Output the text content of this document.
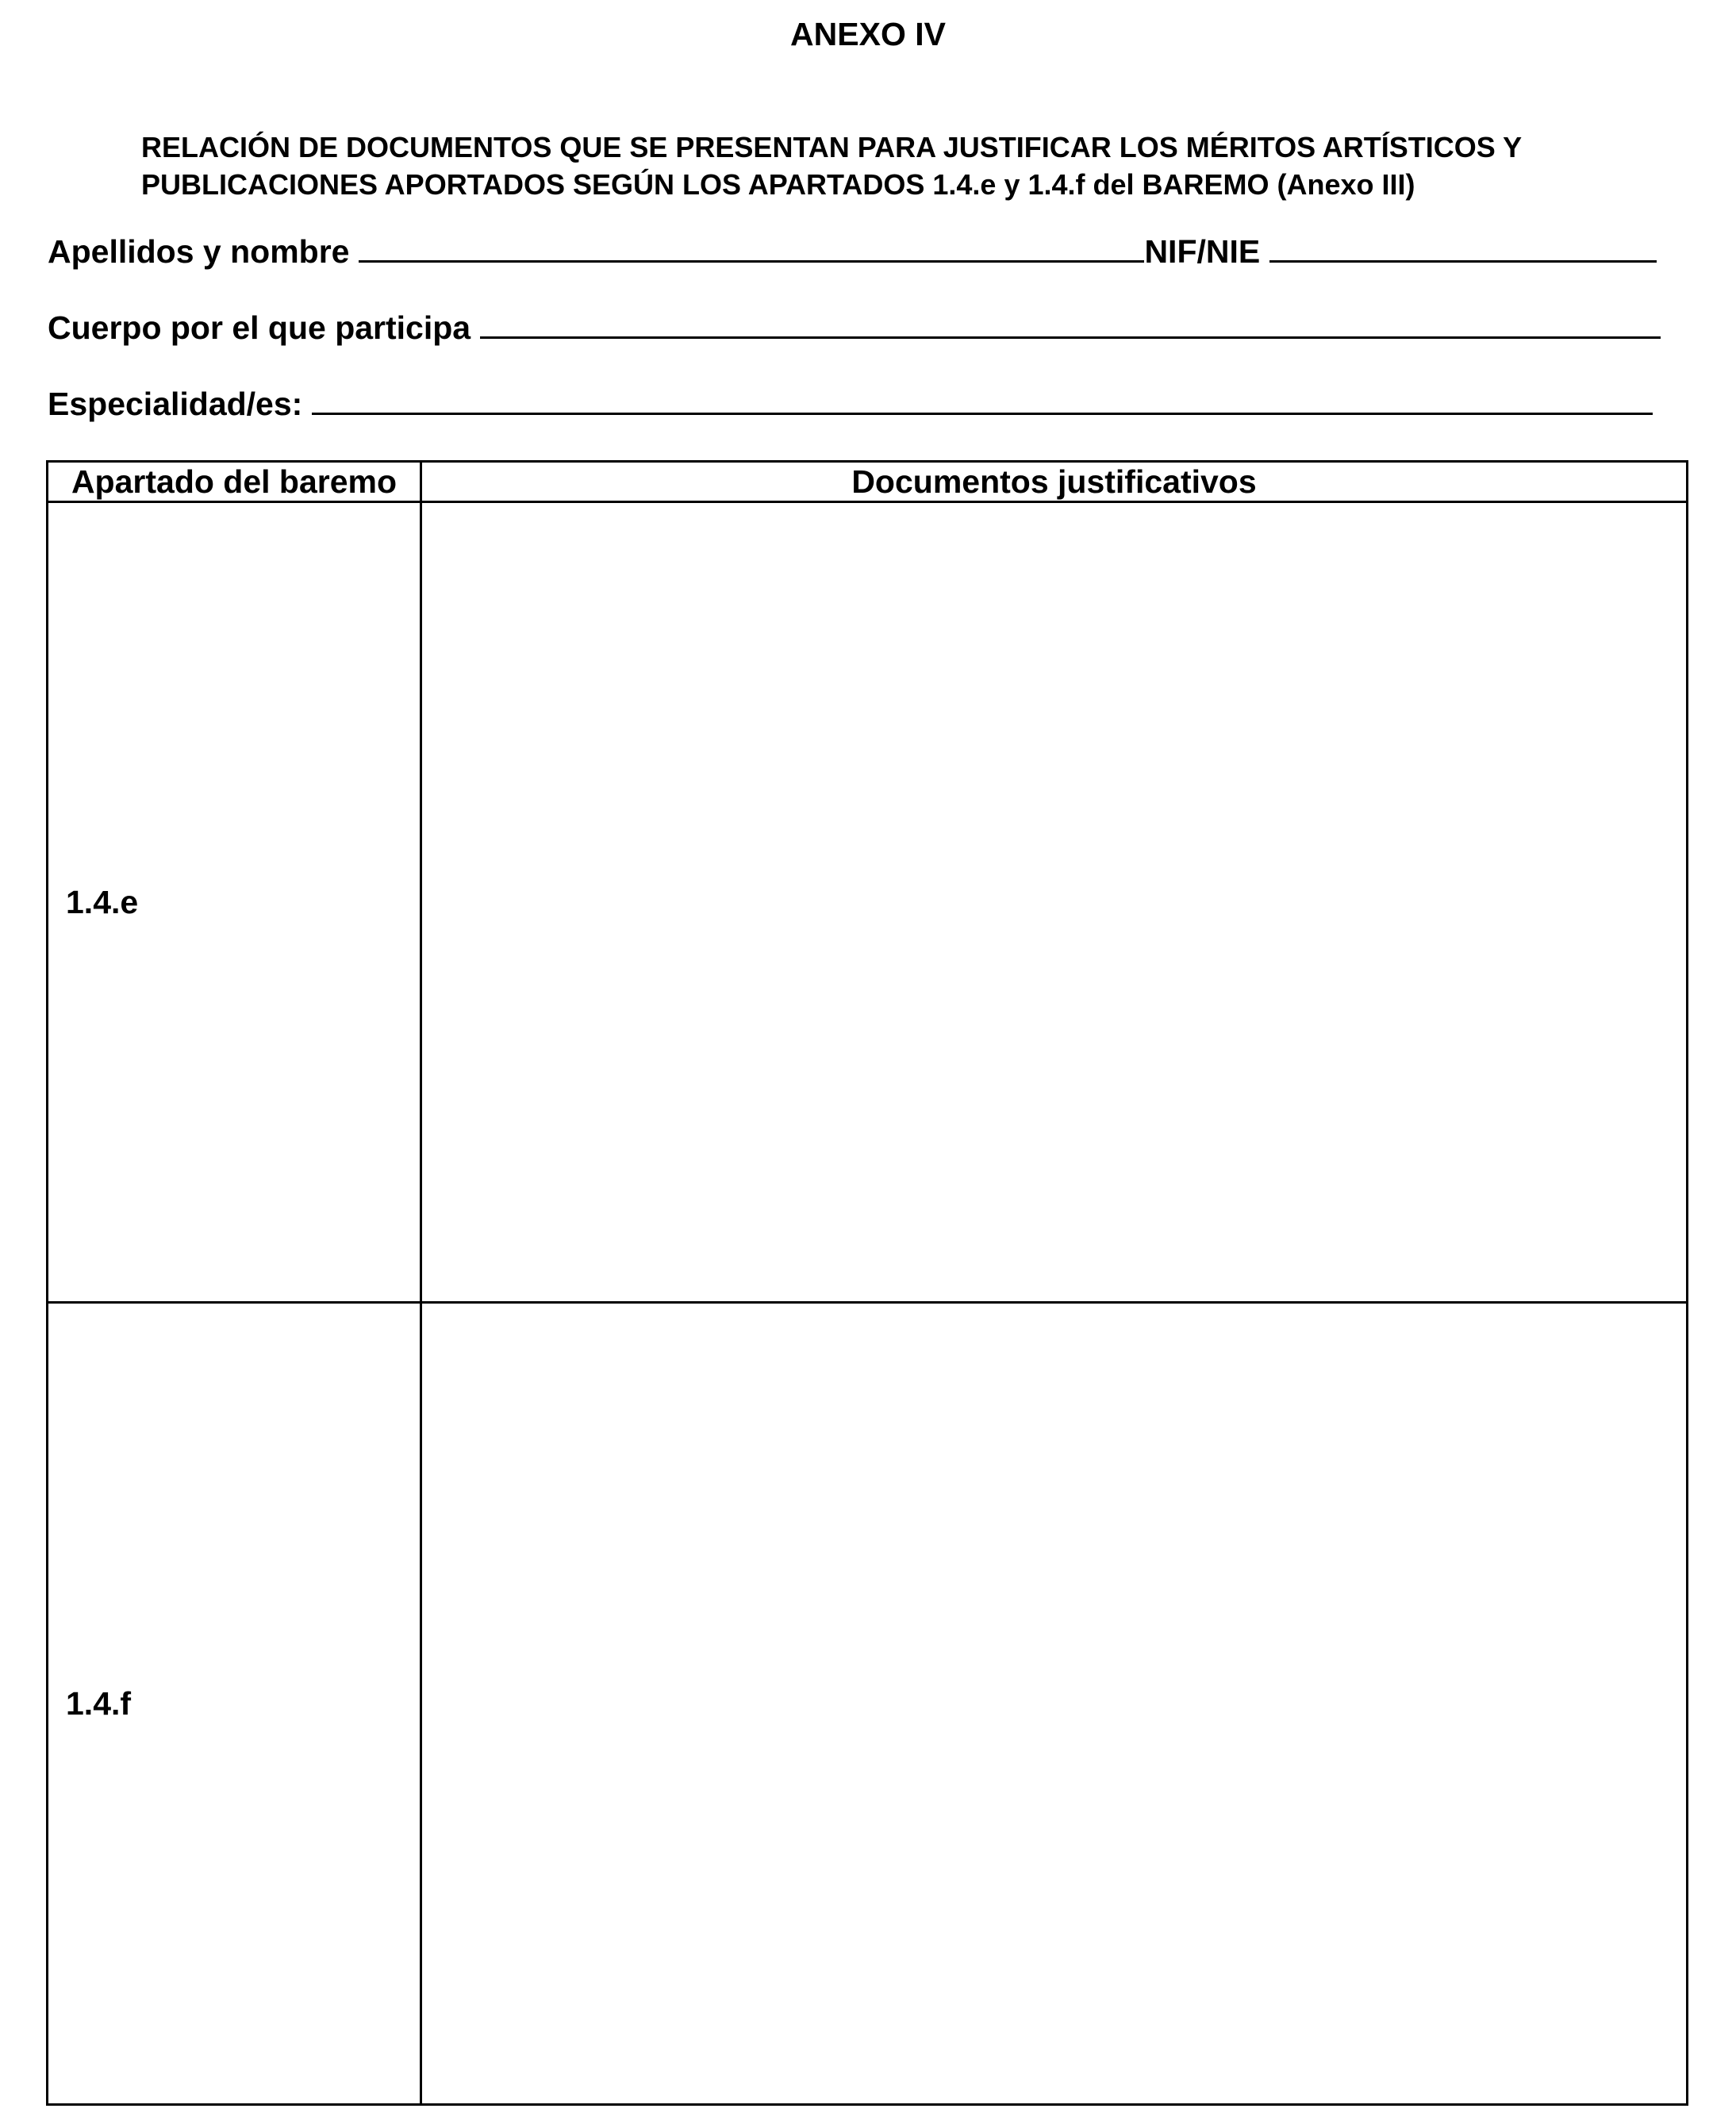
ANEXO IV
RELACIÓN DE DOCUMENTOS QUE SE PRESENTAN PARA JUSTIFICAR LOS MÉRITOS ARTÍSTICOS Y
PUBLICACIONES APORTADOS SEGÚN LOS APARTADOS 1.4.e y 1.4.f del BAREMO (Anexo III)
Apellidos y nombre	NIF/NIE
Cuerpo por el que participa
Especialidad/es:
Apartado del baremo	Documentos justificativos
1.4.e	
1.4.f	
